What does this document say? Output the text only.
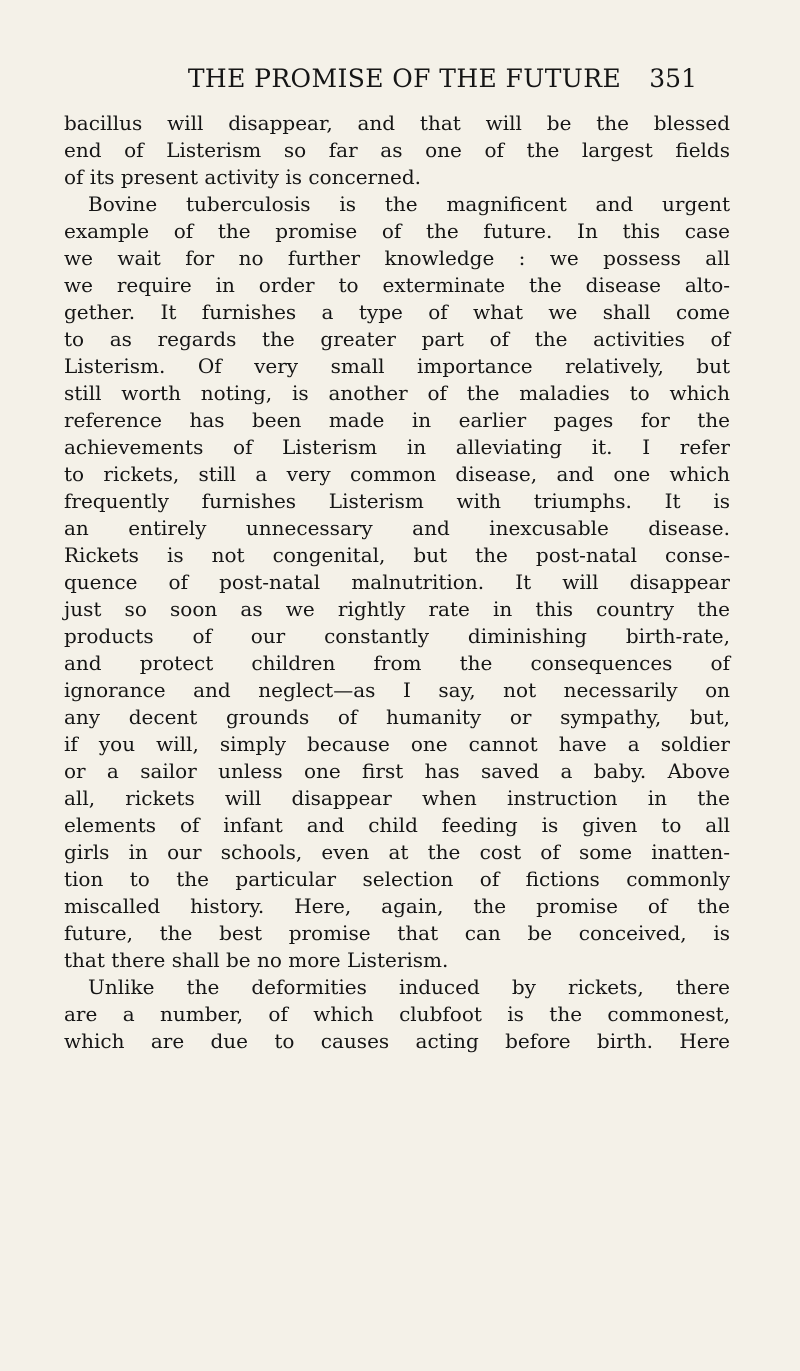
THE PROMISE OF THE FUTURE	351
bacillus will disappear, and that will be the blessed
end of Listerism so far as one of the largest fields
of its present activity is concerned.
Bovine tuberculosis is the magnificent and urgent
example of the promise of the future. In this case
we wait for no further knowledge : we possess all
we require in order to exterminate the disease alto-
gether. It furnishes a type of what we shall come
to as regards the greater part of the activities of
Listerism. Of very small importance relatively, but
still worth noting, is another of the maladies to which
reference has been made in earlier pages for the
achievements of Listerism in alleviating it. I refer
to rickets, still a very common disease, and one which
frequently furnishes Listerism with triumphs. It is
an entirely unnecessary and inexcusable disease.
Rickets is not congenital, but the post-natal conse-
quence of post-natal malnutrition. It will disappear
just so soon as we rightly rate in this country the
products of our constantly diminishing birth-rate,
and protect children from the consequences of
ignorance and neglect—as I say, not necessarily on
any decent grounds of humanity or sympathy, but,
if you will, simply because one cannot have a soldier
or a sailor unless one first has saved a baby. Above
all, rickets will disappear when instruction in the
elements of infant and child feeding is given to all
girls in our schools, even at the cost of some inatten-
tion to the particular selection of fictions commonly
miscalled history. Here, again, the promise of the
future, the best promise that can be conceived, is
that there shall be no more Listerism.
Unlike the deformities induced by rickets, there
are a number, of which clubfoot is the commonest,
which are due to causes acting before birth. Here
